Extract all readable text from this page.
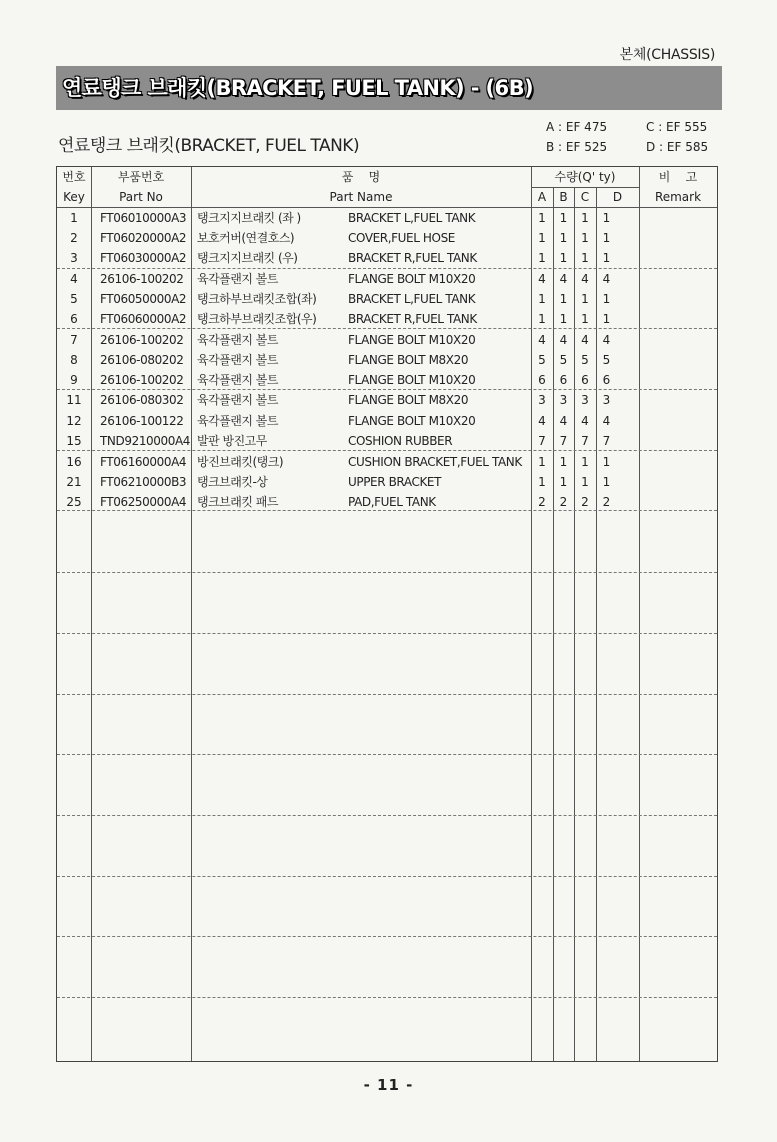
본체(CHASSIS)
연료탱크 브래킷(BRACKET, FUEL TANK) - (6B)
연료탱크 브래킷(BRACKET, FUEL TANK)
A : EF 475
B : EF 525
C : EF 555
D : EF 585
번호
Key
부품번호
Part No
품    명
Part Name
수량(Q' ty)
A	B	C	D
비    고
Remark
1	FT06010000A3 탱크지지브래킷 (좌 )	BRACKET L,FUEL TANK	1	1	1	1
2	FT06020000A2 보호커버(연결호스)	COVER,FUEL HOSE	1	1	1	1
3	FT06030000A2 탱크지지브래킷 (우)	BRACKET R,FUEL TANK	1	1	1	1
4	26106-100202	육각플랜지 볼트	FLANGE BOLT M10X20	4	4	4	4
5	FT06050000A2 탱크하부브래킷조합(좌)	BRACKET L,FUEL TANK	1	1	1	1
6	FT06060000A2 탱크하부브래킷조합(우)	BRACKET R,FUEL TANK	1	1	1	1
7	26106-100202	육각플랜지 볼트	FLANGE BOLT M10X20	4	4	4	4
8	26106-080202	육각플랜지 볼트	FLANGE BOLT M8X20	5	5	5	5
9	26106-100202	육각플랜지 볼트	FLANGE BOLT M10X20	6	6	6	6
11	26106-080302	육각플랜지 볼트	FLANGE BOLT M8X20	3	3	3	3
12	26106-100122	육각플랜지 볼트	FLANGE BOLT M10X20	4	4	4	4
15	TND9210000A4 발판 방진고무	COSHION RUBBER	7	7	7	7
16	FT06160000A4 방진브래킷(탱크)	CUSHION BRACKET,FUEL TANK	1	1	1	1
21	FT06210000B3 탱크브래킷-상	UPPER BRACKET	1	1	1	1
25	FT06250000A4 탱크브래킷 패드	PAD,FUEL TANK	2	2	2	2
- 11 -
